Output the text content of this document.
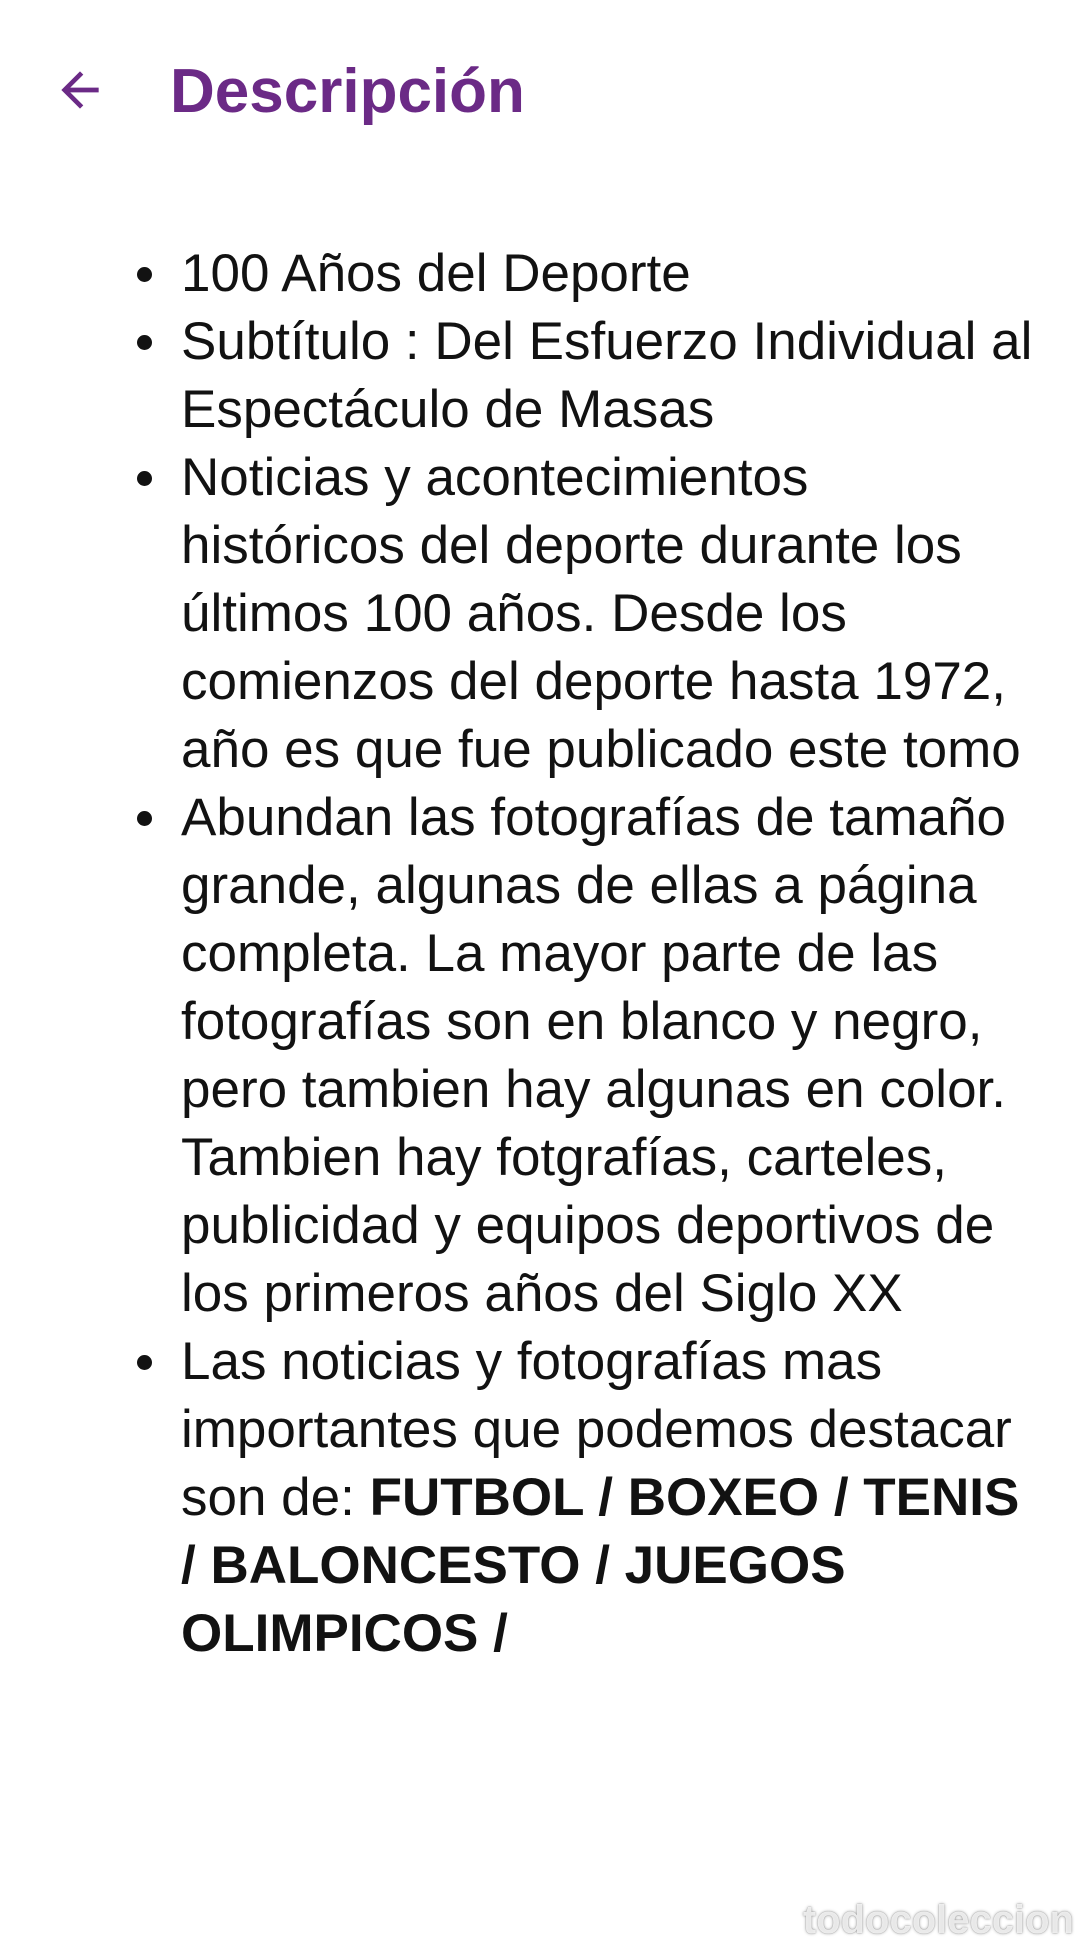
Descripción
100 Años del Deporte
Subtítulo : Del Esfuerzo Individual al Espectáculo de Masas
Noticias y acontecimientos históricos del deporte durante los últimos 100 años. Desde los comienzos del deporte hasta 1972, año es que fue publicado este tomo
Abundan las fotografías de tamaño grande, algunas de ellas a página completa. La mayor parte de las fotografías son en blanco y negro, pero tambien hay algunas en color. Tambien hay fotgrafías, carteles, publicidad y equipos deportivos de los primeros años del Siglo XX
Las noticias y fotografías mas importantes que podemos destacar son de: FUTBOL / BOXEO / TENIS / BALONCESTO / JUEGOS OLIMPICOS /
todocoleccion
